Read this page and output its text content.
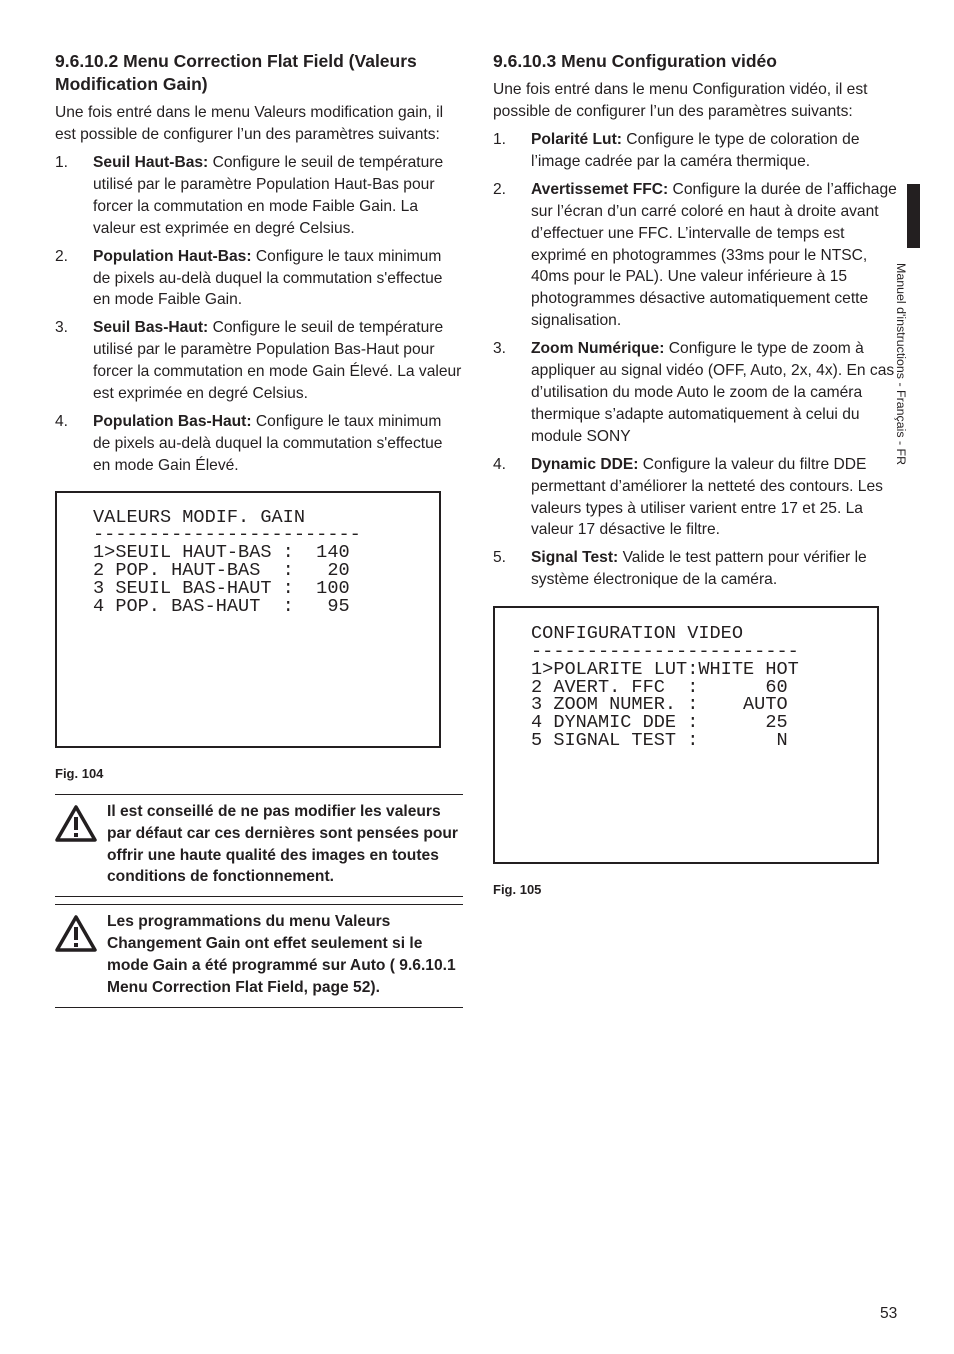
9.6.10.2 Menu Correction Flat Field (Valeurs Modification Gain)

Une fois entré dans le menu Valeurs modification gain, il est possible de configurer l’un des paramètres suivants:

1. Seuil Haut-Bas: Configure le seuil de température utilisé par le paramètre Population Haut-Bas pour forcer la commutation en mode Faible Gain. La valeur est exprimée en degré Celsius.
2. Population Haut-Bas: Configure le taux minimum de pixels au-delà duquel la commutation s'effectue en mode Faible Gain.
3. Seuil Bas-Haut: Configure le seuil de température utilisé par le paramètre Population Bas-Haut pour forcer la commutation en mode Gain Élevé. La valeur est exprimée en degré Celsius.
4. Population Bas-Haut: Configure le taux minimum de pixels au-delà duquel la commutation s'effectue en mode Gain Élevé.
VALEURS MODIF. GAIN
------------------------
1>SEUIL HAUT-BAS :  140
2 POP. HAUT-BAS  :   20
3 SEUIL BAS-HAUT :  100
4 POP. BAS-HAUT  :   95
Fig. 104

Il est conseillé de ne pas modifier les valeurs par défaut car ces dernières sont pensées pour offrir une haute qualité des images en toutes conditions de fonctionnement.

Les programmations du menu Valeurs Changement Gain ont effet seulement si le mode Gain a été programmé sur Auto ( 9.6.10.1 Menu Correction Flat Field, page 52).

9.6.10.3 Menu Configuration vidéo

Une fois entré dans le menu Configuration vidéo, il est possible de configurer l’un des paramètres suivants:

1. Polarité Lut: Configure le type de coloration de l’image cadrée par la caméra thermique.
2. Avertissemet FFC: Configure la durée de l’affichage sur l’écran d’un carré coloré en haut à droite avant d’effectuer une FFC. L’intervalle de temps est exprimé en photogrammes (33ms pour le NTSC, 40ms pour le PAL). Une valeur inférieure à 15 photogrammes désactive automatiquement cette signalisation.
3. Zoom Numérique: Configure le type de zoom à appliquer au signal vidéo (OFF, Auto, 2x, 4x). En cas d’utilisation du mode Auto le zoom de la caméra thermique s’adapte automatiquement à celui du module SONY
4. Dynamic DDE: Configure la valeur du filtre DDE permettant d’améliorer la netteté des contours. Les valeurs types à utiliser varient entre 17 et 25. La valeur 17 désactive le filtre.
5. Signal Test: Valide le test pattern pour vérifier le système électronique de la caméra.
CONFIGURATION VIDEO
------------------------
1>POLARITE LUT:WHITE HOT
2 AVERT. FFC  :      60
3 ZOOM NUMER. :    AUTO
4 DYNAMIC DDE :      25
5 SIGNAL TEST :       N
Fig. 105
Manuel d'instructions - Français - FR
53
